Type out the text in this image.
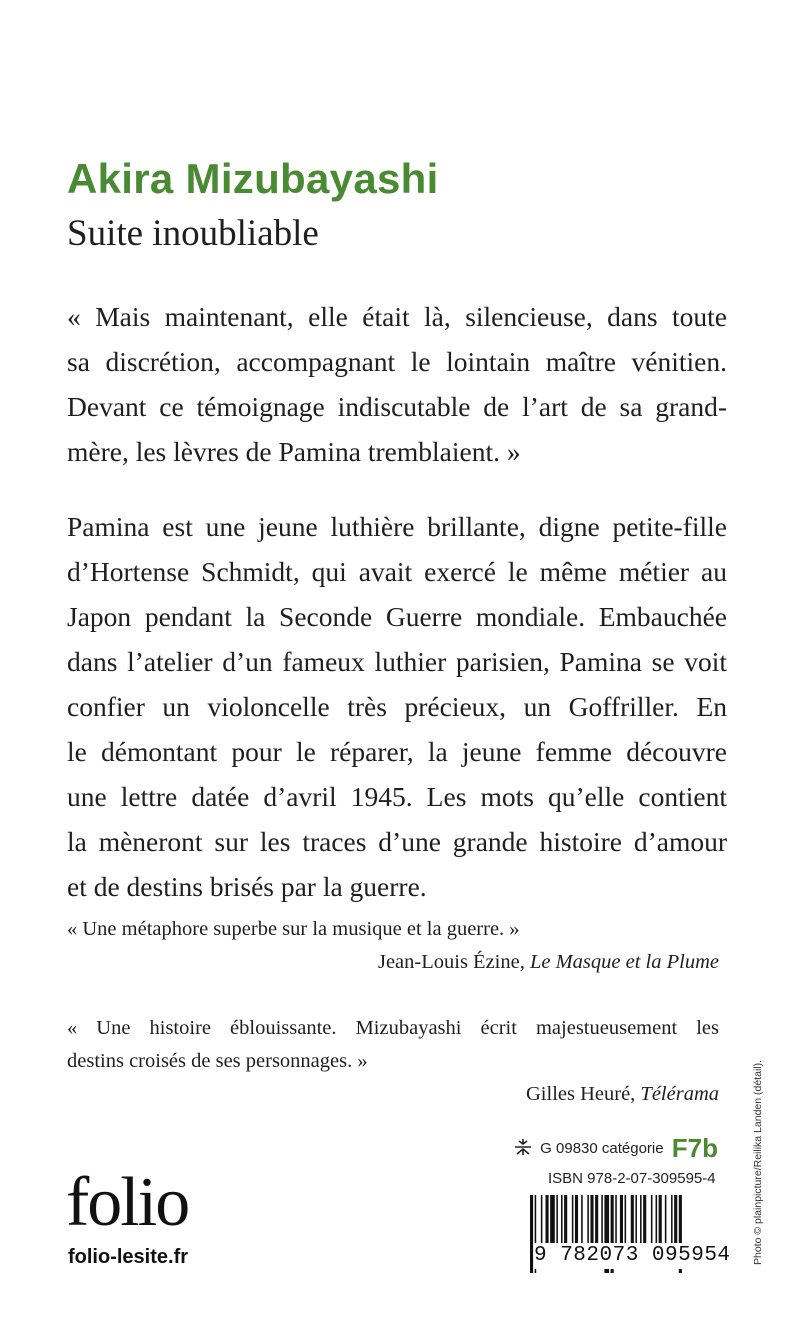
Akira Mizubayashi
Suite inoubliable
« Mais maintenant, elle était là, silencieuse, dans toute
sa discrétion, accompagnant le lointain maître vénitien.
Devant ce témoignage indiscutable de l’art de sa grand-
mère, les lèvres de Pamina tremblaient. »
Pamina est une jeune luthière brillante, digne petite-fille
d’Hortense Schmidt, qui avait exercé le même métier au
Japon pendant la Seconde Guerre mondiale. Embauchée
dans l’atelier d’un fameux luthier parisien, Pamina se voit
confier un violoncelle très précieux, un Goffriller. En
le démontant pour le réparer, la jeune femme découvre
une lettre datée d’avril 1945. Les mots qu’elle contient
la mèneront sur les traces d’une grande histoire d’amour
et de destins brisés par la guerre.
« Une métaphore superbe sur la musique et la guerre. »
Jean-Louis Ézine, Le Masque et la Plume
« Une histoire éblouissante. Mizubayashi écrit majestueusement les
destins croisés de ses personnages. »
Gilles Heuré, Télérama
folio
folio-lesite.fr
G 09830 catégorie F7b
ISBN 978-2-07-309595-4
9 782073 095954 Photo © plainpicture/Reilika Landen (détail).
